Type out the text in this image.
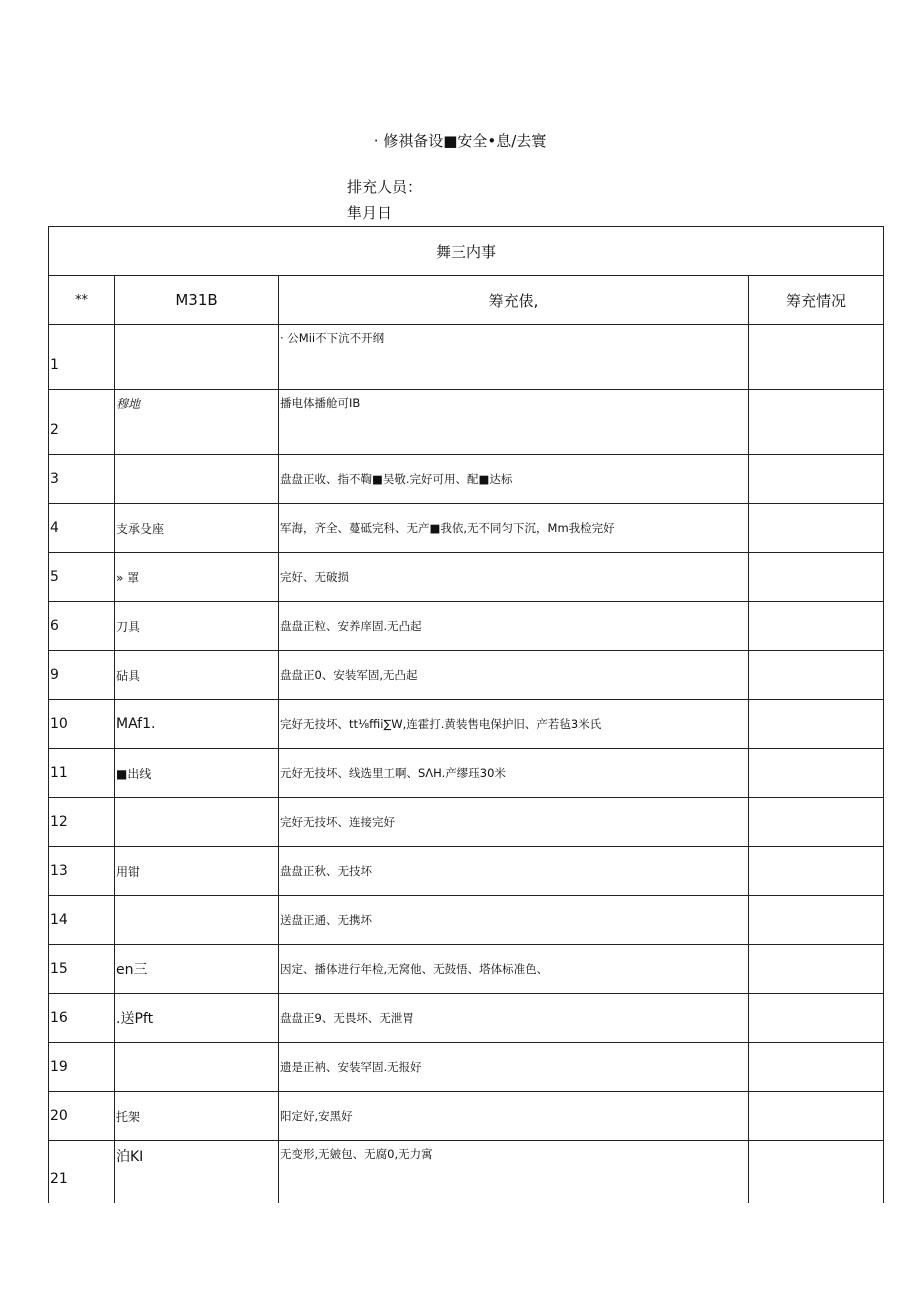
· 修祺备设■安全•息/去寰
排充人员：
隼月日
舞三内事			
**	M31B	筹充俵,	筹充情况
1		· 公Mii不下沆不开纲	
2	穆地	播电体播舱可IB	
3		盘盘正收、指不鞫■吴敬.完好可用、配■达标	
4	支承殳座	军海，齐全、蔓砥完科、无产■我依,无不同匀下沉，Mm我检完好	
5	» 罩	完好、无破损	
6	刀具	盘盘正粒、安养庠固.无凸起	
9	砧具	盘盘正0、安装军固,无凸起	
10	MAf1.	完好无技坏、tt⅛ffii∑W,连霍打.黄装售电保护旧、产若毡3米氏	
11	■出线	元好无技坏、线选里工啊、SΛH.产缪珏30米	
12		完好无技坏、连接完好	
13	用钳	盘盘正秋、无技坏	
14		送盘正通、无携坏	
15	en三	因定、播体进行年检,无窝他、无鼓悟、塔体标准色、	
16	.送Pft	盘盘正9、无畏坏、无泄胃	
19		遗是正衲、安装罕固.无报好	
20	托架	阳定好,安黑好	
21	泊KI	无变形,无皴包、无腐0,无力寓	
